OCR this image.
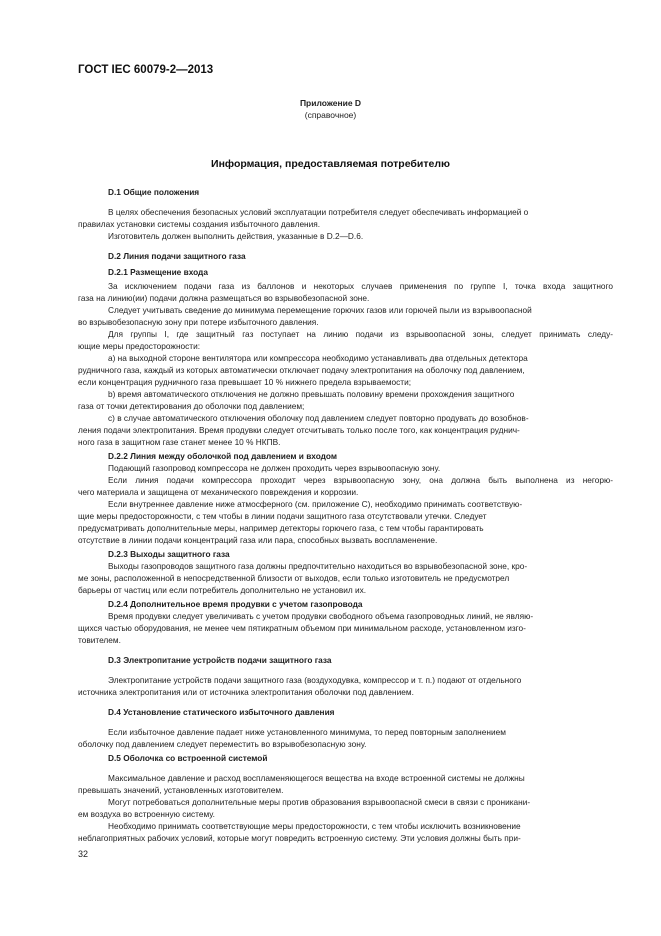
ГОСТ IEC 60079-2—2013
Приложение D
(справочное)
Информация, предоставляемая потребителю
D.1 Общие положения
В целях обеспечения безопасных условий эксплуатации потребителя следует обеспечивать информацией о
правилах установки системы создания избыточного давления.
Изготовитель должен выполнить действия, указанные в D.2—D.6.
D.2 Линия подачи защитного газа
D.2.1 Размещение входа
За исключением подачи газа из баллонов и некоторых случаев применения по группе I, точка входа защитного
газа на линию(ии) подачи должна размещаться во взрывобезопасной зоне.
Следует учитывать сведение до минимума перемещение горючих газов или горючей пыли из взрывоопасной
во взрывобезопасную зону при потере избыточного давления.
Для группы I, где защитный газ поступает на линию подачи из взрывоопасной зоны, следует принимать следу-
ющие меры предосторожности:
a) на выходной стороне вентилятора или компрессора необходимо устанавливать два отдельных детектора
рудничного газа, каждый из которых автоматически отключает подачу электропитания на оболочку под давлением,
если концентрация рудничного газа превышает 10 % нижнего предела взрываемости;
b) время автоматического отключения не должно превышать половину времени прохождения защитного
газа от точки детектирования до оболочки под давлением;
c) в случае автоматического отключения оболочку под давлением следует повторно продувать до возобнов-
ления подачи электропитания. Время продувки следует отсчитывать только после того, как концентрация руднич-
ного газа в защитном газе станет менее 10 % НКПВ.
D.2.2 Линия между оболочкой под давлением и входом
Подающий газопровод компрессора не должен проходить через взрывоопасную зону.
Если линия подачи компрессора проходит через взрывоопасную зону, она должна быть выполнена из негорю-
чего материала и защищена от механического повреждения и коррозии.
Если внутреннее давление ниже атмосферного (см. приложение C), необходимо принимать соответствую-
щие меры предосторожности, с тем чтобы в линии подачи защитного газа отсутствовали утечки. Следует
предусматривать дополнительные меры, например детекторы горючего газа, с тем чтобы гарантировать
отсутствие в линии подачи концентраций газа или пара, способных вызвать воспламенение.
D.2.3 Выходы защитного газа
Выходы газопроводов защитного газа должны предпочтительно находиться во взрывобезопасной зоне, кро-
ме зоны, расположенной в непосредственной близости от выходов, если только изготовитель не предусмотрел
барьеры от частиц или если потребитель дополнительно не установил их.
D.2.4 Дополнительное время продувки с учетом газопровода
Время продувки следует увеличивать с учетом продувки свободного объема газопроводных линий, не являю-
щихся частью оборудования, не менее чем пятикратным объемом при минимальном расходе, установленном изго-
товителем.
D.3 Электропитание устройств подачи защитного газа
Электропитание устройств подачи защитного газа (воздуходувка, компрессор и т. п.) подают от отдельного
источника электропитания или от источника электропитания оболочки под давлением.
D.4 Установление статического избыточного давления
Если избыточное давление падает ниже установленного минимума, то перед повторным заполнением
оболочку под давлением следует переместить во взрывобезопасную зону.
D.5 Оболочка со встроенной системой
Максимальное давление и расход воспламеняющегося вещества на входе встроенной системы не должны
превышать значений, установленных изготовителем.
Могут потребоваться дополнительные меры против образования взрывоопасной смеси в связи с проникани-
ем воздуха во встроенную систему.
Необходимо принимать соответствующие меры предосторожности, с тем чтобы исключить возникновение
неблагоприятных рабочих условий, которые могут повредить встроенную систему. Эти условия должны быть при-
32
